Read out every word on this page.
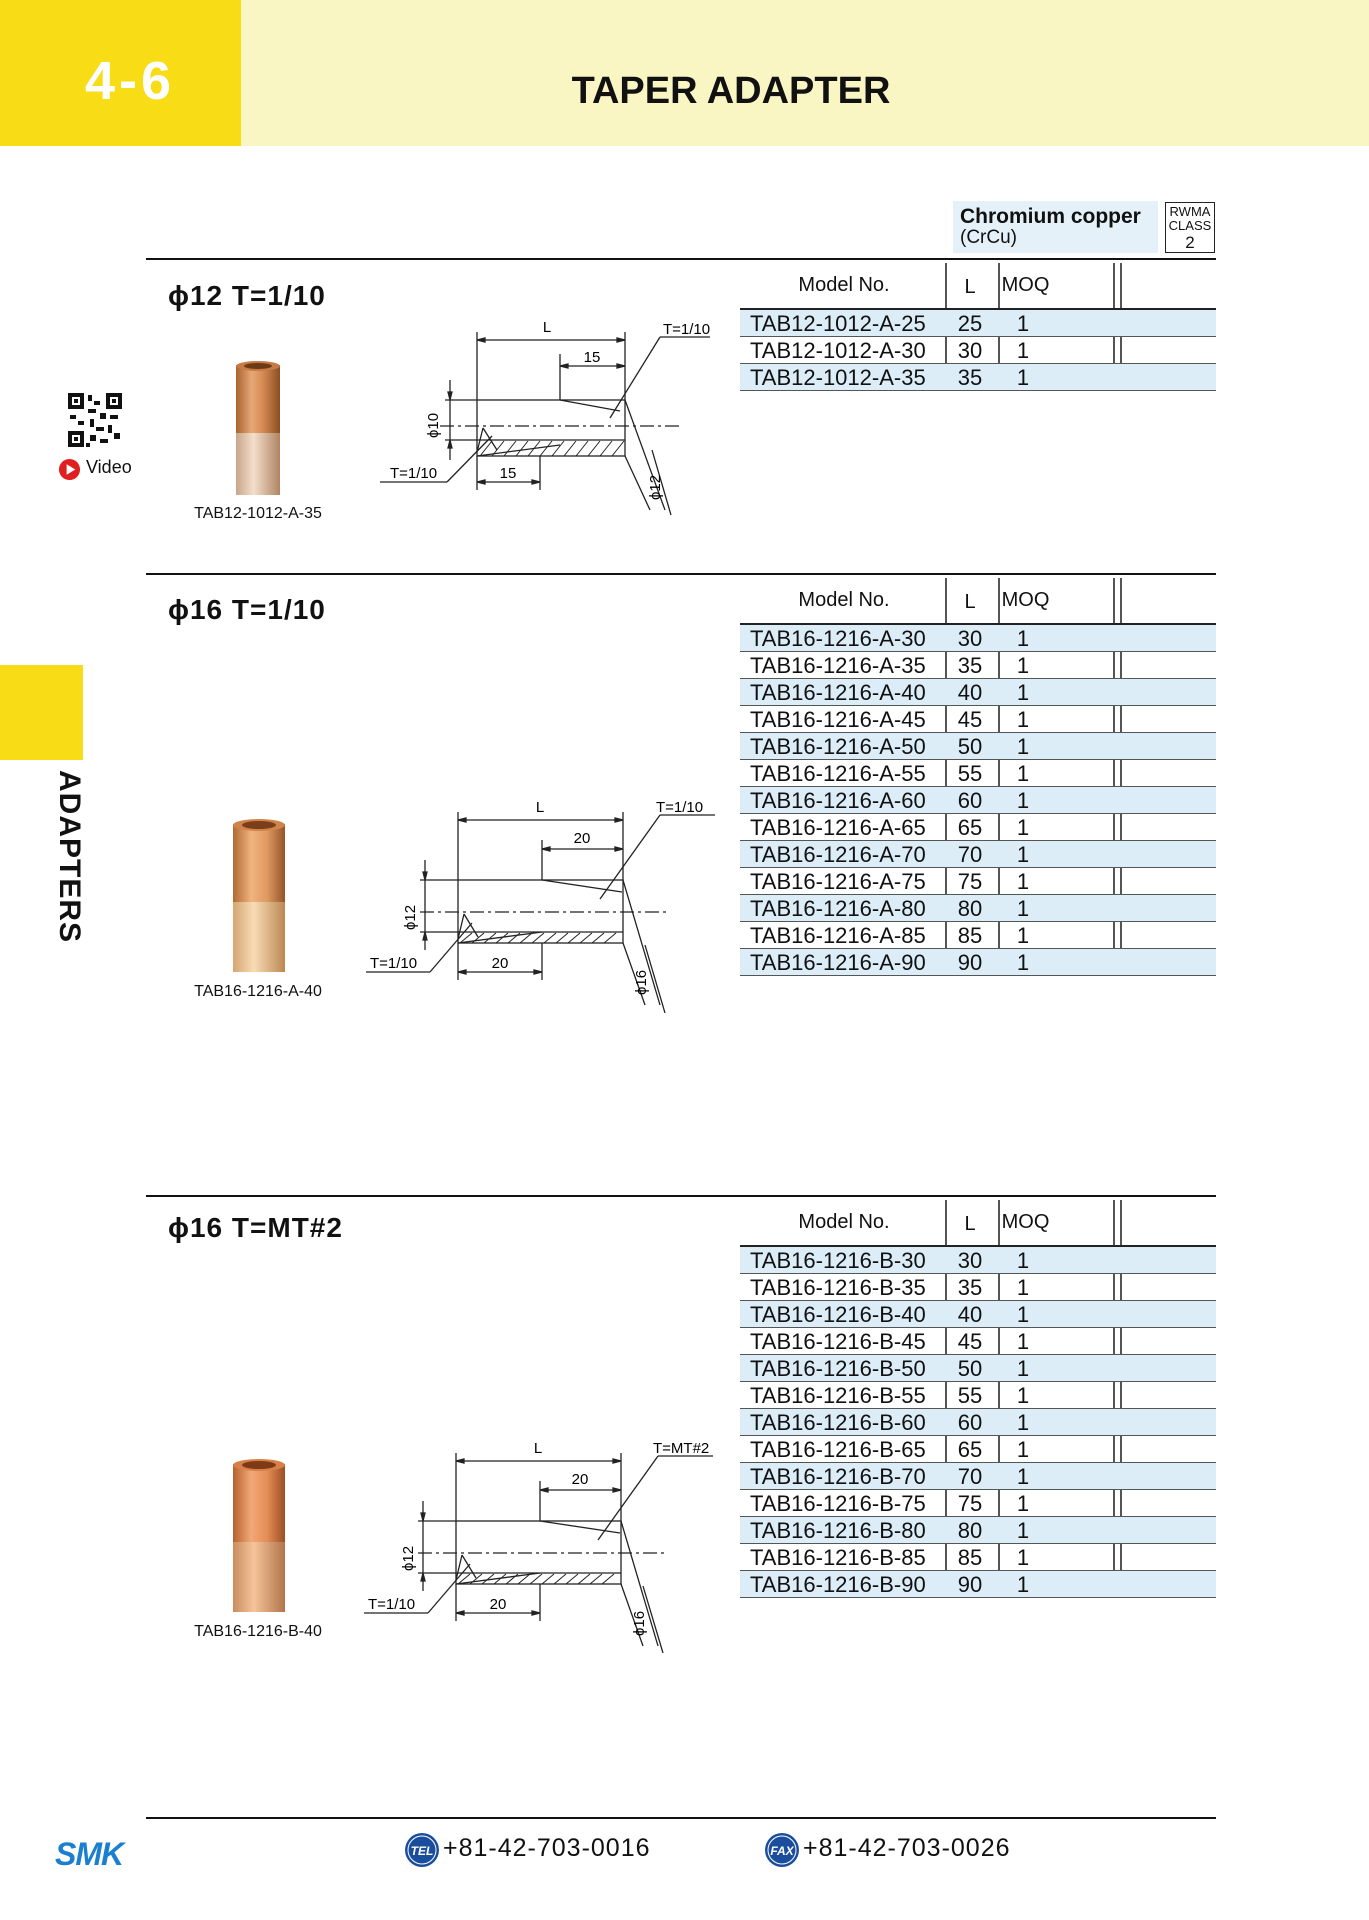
4-6	TAPER ADAPTER
ADAPTERS
Chromium copper
(CrCu)
RWMA
CLASS
2
Video
ϕ12 T=1/10
TAB12-1012-A-35
L
15
T=1/10
15
T=1/10
ϕ10
ϕ12
Model No.	L	MOQ
TAB12-1012-A-25	25	1
TAB12-1012-A-30	30	1
TAB12-1012-A-35	35	1
ϕ16 T=1/10
TAB16-1216-A-40
L
20
T=1/10
20
T=1/10
ϕ12
ϕ16
Model No.	L	MOQ
TAB16-1216-A-30	30	1
TAB16-1216-A-35	35	1
TAB16-1216-A-40	40	1
TAB16-1216-A-45	45	1
TAB16-1216-A-50	50	1
TAB16-1216-A-55	55	1
TAB16-1216-A-60	60	1
TAB16-1216-A-65	65	1
TAB16-1216-A-70	70	1
TAB16-1216-A-75	75	1
TAB16-1216-A-80	80	1
TAB16-1216-A-85	85	1
TAB16-1216-A-90	90	1
ϕ16 T=MT#2
TAB16-1216-B-40
L
20
T=MT#2
20
T=1/10
ϕ12
ϕ16
Model No.	L	MOQ
TAB16-1216-B-30	30	1
TAB16-1216-B-35	35	1
TAB16-1216-B-40	40	1
TAB16-1216-B-45	45	1
TAB16-1216-B-50	50	1
TAB16-1216-B-55	55	1
TAB16-1216-B-60	60	1
TAB16-1216-B-65	65	1
TAB16-1216-B-70	70	1
TAB16-1216-B-75	75	1
TAB16-1216-B-80	80	1
TAB16-1216-B-85	85	1
TAB16-1216-B-90	90	1
SMK	TEL +81-42-703-0016	FAX +81-42-703-0026
